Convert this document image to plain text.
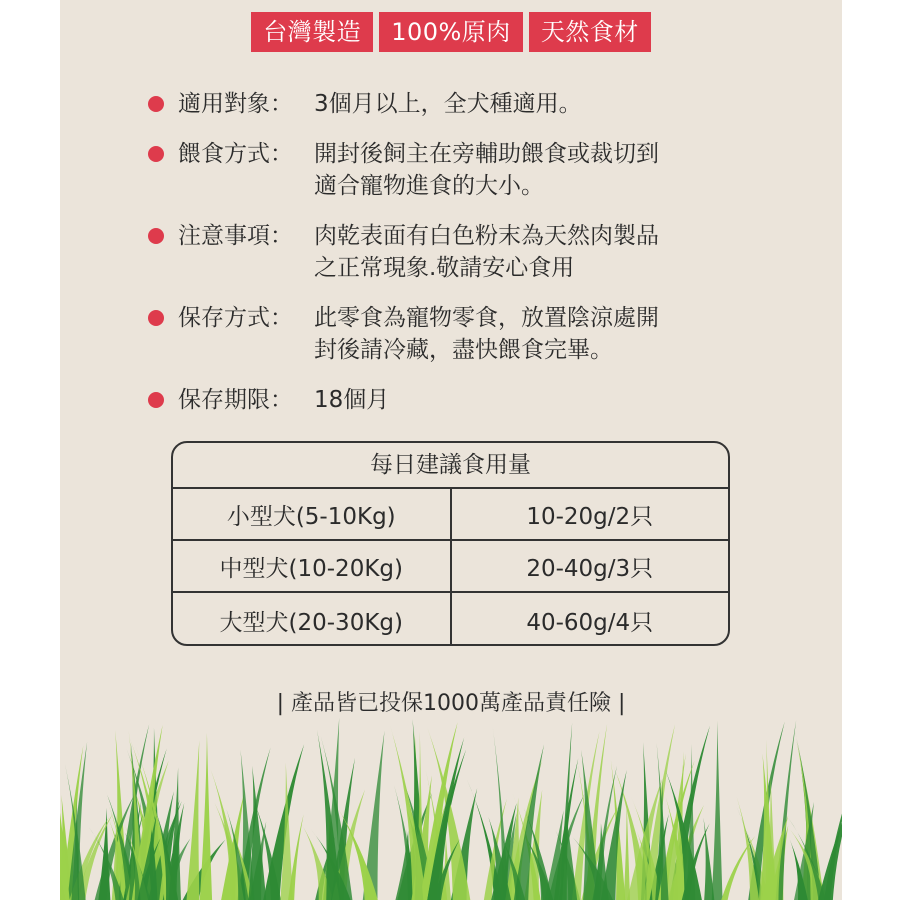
台灣製造 100%原肉 天然食材
適用對象： 3個月以上，全犬種適用。
餵食方式： 開封後飼主在旁輔助餵食或裁切到
適合寵物進食的大小。
注意事項： 肉乾表面有白色粉末為天然肉製品
之正常現象.敬請安心食用
保存方式： 此零食為寵物零食，放置陰涼處開
封後請冷藏，盡快餵食完畢。
保存期限： 18個月
每日建議食用量
小型犬(5-10Kg)	10-20g/2只
中型犬(10-20Kg)	20-40g/3只
大型犬(20-30Kg)	40-60g/4只
| 產品皆已投保1000萬產品責任險 |
